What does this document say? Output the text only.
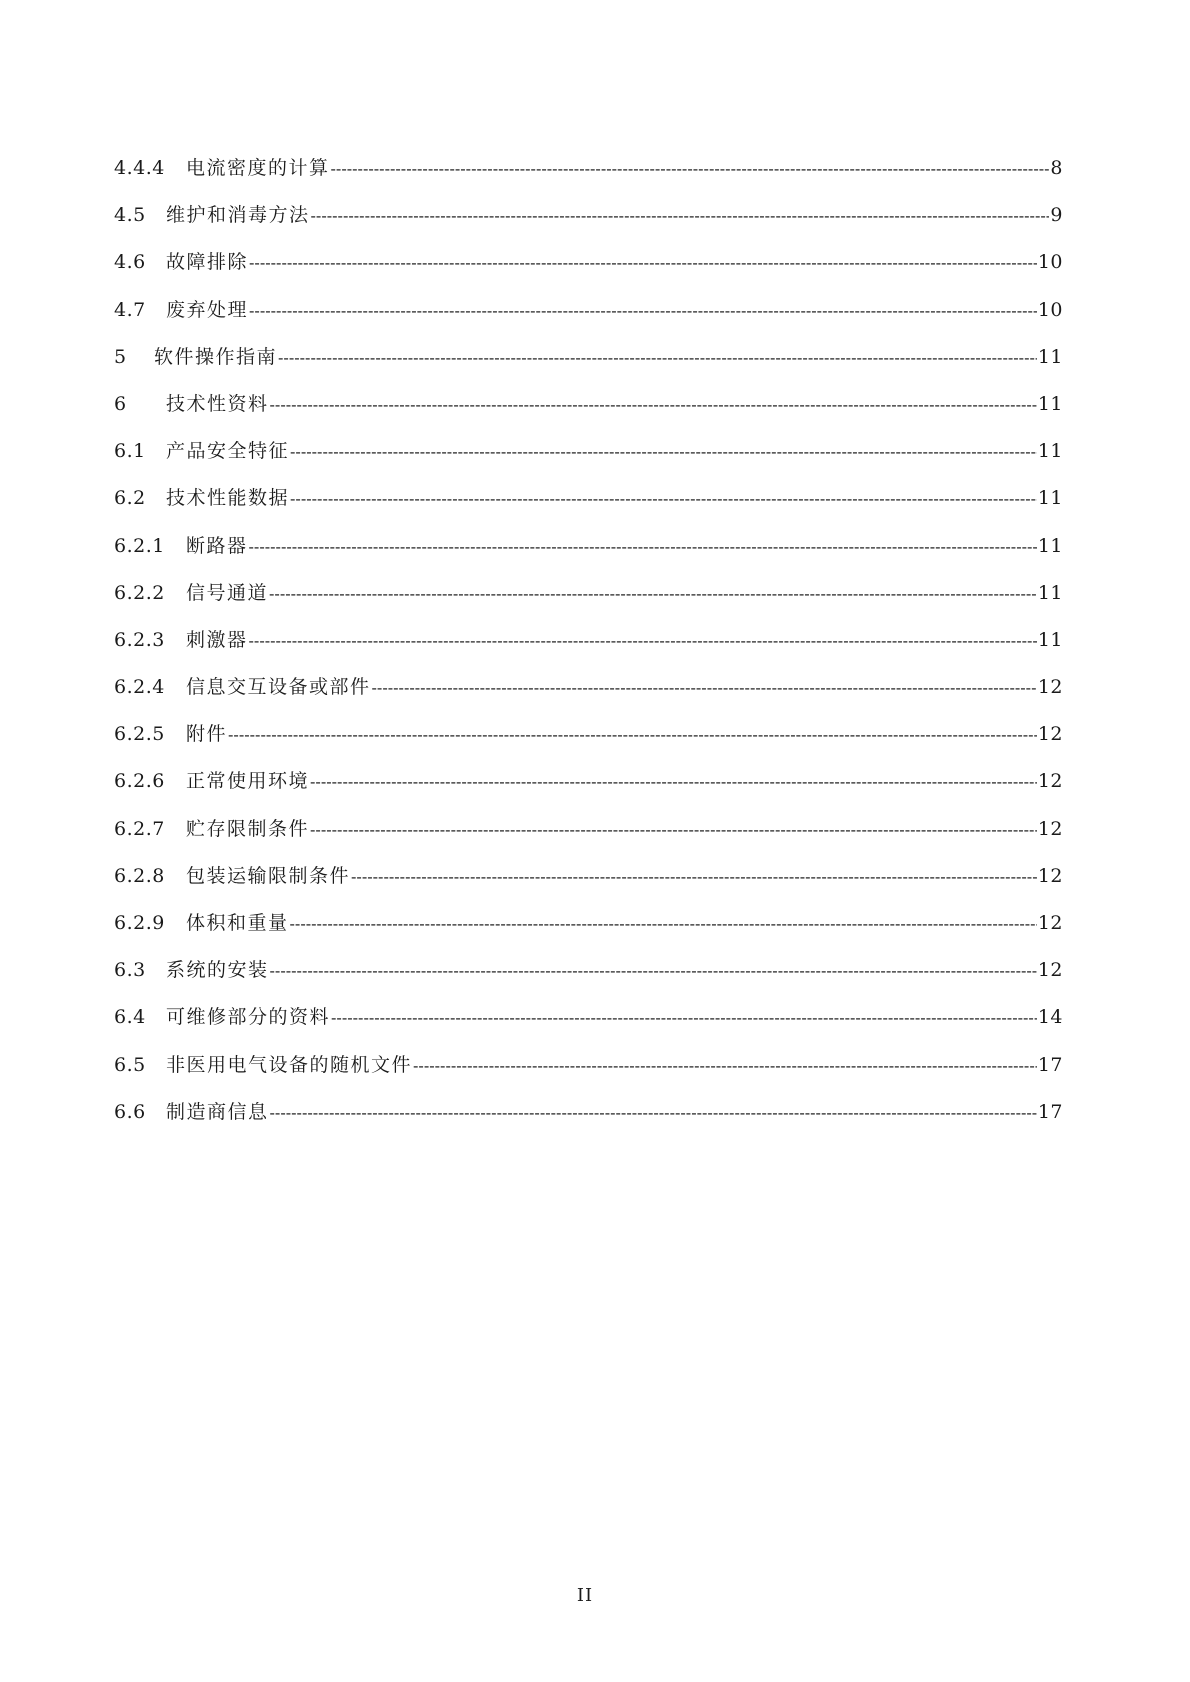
4.4.4	电流密度的计算 -----	8
4.5	维护和消毒方法 -----	9
4.6	故障排除 -----	10
4.7	废弃处理 -----	10
5	软件操作指南 -----	11
6	技术性资料 -----	11
6.1	产品安全特征 -----	11
6.2	技术性能数据 -----	11
6.2.1	断路器 -----	11
6.2.2	信号通道 -----	11
6.2.3	刺激器 -----	11
6.2.4	信息交互设备或部件 -----	12
6.2.5	附件 -----	12
6.2.6	正常使用环境 -----	12
6.2.7	贮存限制条件 -----	12
6.2.8	包装运输限制条件 -----	12
6.2.9	体积和重量 -----	12
6.3	系统的安装 -----	12
6.4	可维修部分的资料 -----	14
6.5	非医用电气设备的随机文件 -----	17
6.6	制造商信息 -----	17
II
